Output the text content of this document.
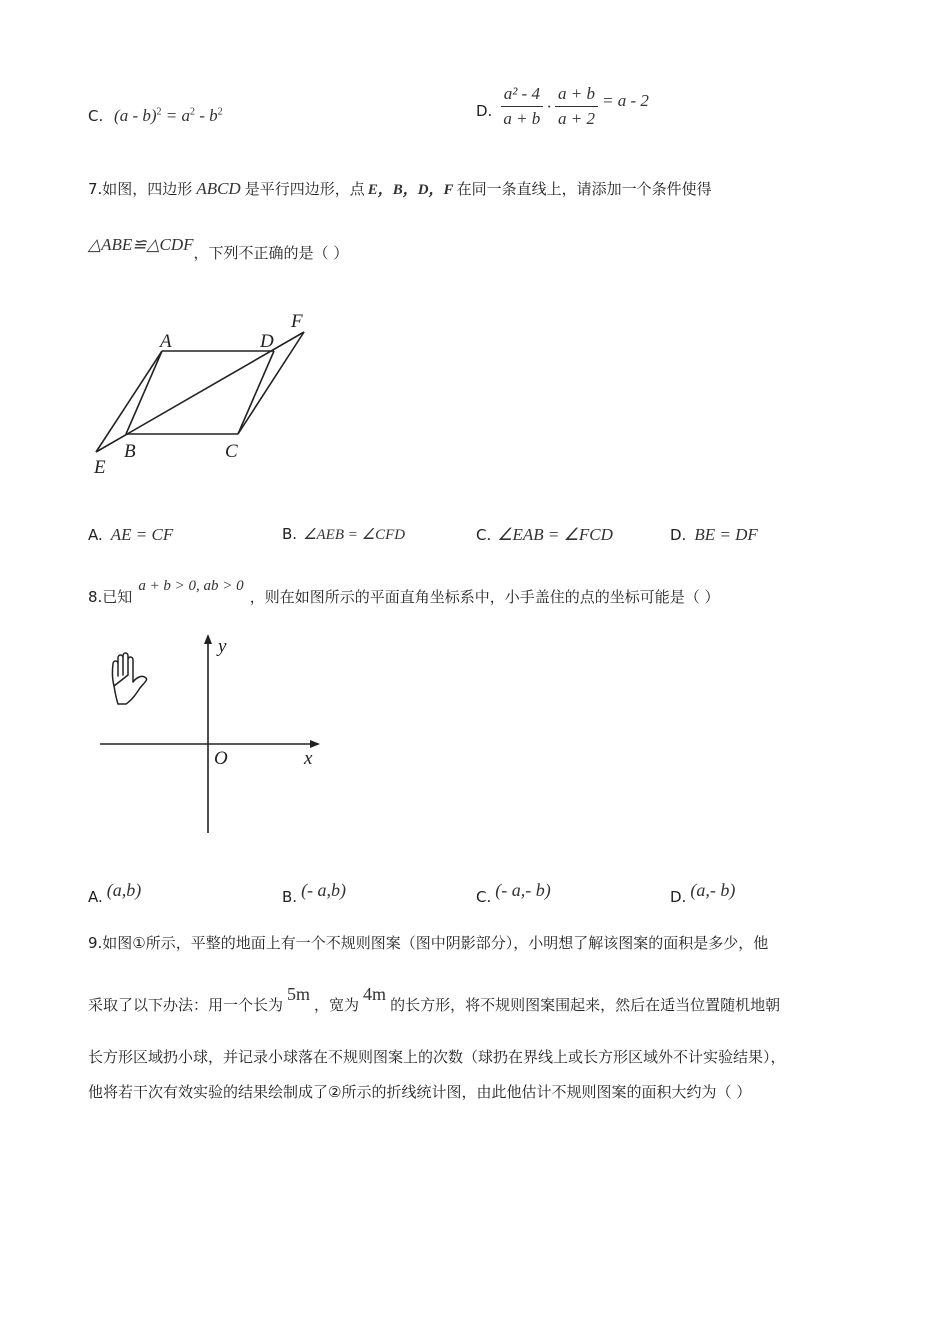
C. $(a - b)^2 = a^2 - b^2$	D. $\frac{\text{a² - 4}}{a + b} \cdot \frac{a + b}{a + 2} = a - 2$
7.如图，四边形 ABCD 是平行四边形，点 E，B，D，F 在同一条直线上，请添加一个条件使得
△ABE≌△CDF，下列不正确的是（ ）
A	D
F
B	C
E
A. AE = CF	B. ∠AEB = ∠CFD	C. ∠EAB = ∠FCD	D. BE = DF
8.已知a + b > 0, ab > 0，则在如图所示的平面直角坐标系中，小手盖住的点的坐标可能是（ ）
y
x
O
A. (a,b)	B. (- a,b)	C. (- a,- b)	D. (a,- b)
9.如图①所示，平整的地面上有一个不规则图案（图中阴影部分），小明想了解该图案的面积是多少，他
采取了以下办法：用一个长为5m，宽为4m的长方形，将不规则图案围起来，然后在适当位置随机地朝
长方形区域扔小球，并记录小球落在不规则图案上的次数（球扔在界线上或长方形区域外不计实验结果），
他将若干次有效实验的结果绘制成了②所示的折线统计图，由此他估计不规则图案的面积大约为（ ）
